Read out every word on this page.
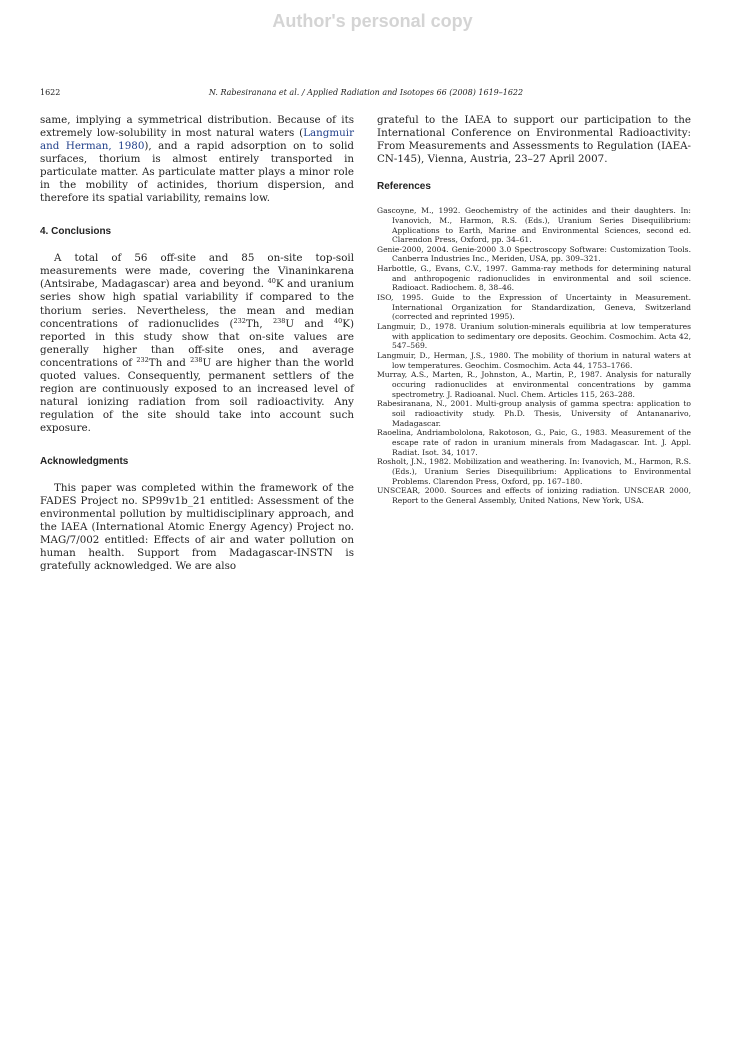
Author's personal copy
1622	N. Rabesiranana et al. / Applied Radiation and Isotopes 66 (2008) 1619–1622

same, implying a symmetrical distribution. Because of its extremely low-solubility in most natural waters (Langmuir and Herman, 1980), and a rapid adsorption on to solid surfaces, thorium is almost entirely transported in particulate matter. As particulate matter plays a minor role in the mobility of actinides, thorium dispersion, and therefore its spatial variability, remains low.

4. Conclusions

A total of 56 off-site and 85 on-site top-soil measurements were made, covering the Vinaninkarena (Antsirabe, Madagascar) area and beyond. $^{40}$K and uranium series show high spatial variability if compared to the thorium series. Nevertheless, the mean and median concentrations of radionuclides ($^{232}$Th, $^{238}$U and $^{40}$K) reported in this study show that on-site values are generally higher than off-site ones, and average concentrations of $^{232}$Th and $^{238}$U are higher than the world quoted values. Consequently, permanent settlers of the region are continuously exposed to an increased level of natural ionizing radiation from soil radioactivity. Any regulation of the site should take into account such exposure.

Acknowledgments

This paper was completed within the framework of the FADES Project no. SP99v1b_21 entitled: Assessment of the environmental pollution by multidisciplinary approach, and the IAEA (International Atomic Energy Agency) Project no. MAG/7/002 entitled: Effects of air and water pollution on human health. Support from Madagascar-INSTN is gratefully acknowledged. We are also

grateful to the IAEA to support our participation to the International Conference on Environmental Radioactivity: From Measurements and Assessments to Regulation (IAEA-CN-145), Vienna, Austria, 23–27 April 2007.

References
Gascoyne, M., 1992. Geochemistry of the actinides and their daughters. In: Ivanovich, M., Harmon, R.S. (Eds.), Uranium Series Disequilibrium: Applications to Earth, Marine and Environmental Sciences, second ed. Clarendon Press, Oxford, pp. 34–61.
Genie-2000, 2004. Genie-2000 3.0 Spectroscopy Software: Customization Tools. Canberra Industries Inc., Meriden, USA, pp. 309–321.
Harbottle, G., Evans, C.V., 1997. Gamma-ray methods for determining natural and anthropogenic radionuclides in environmental and soil science. Radioact. Radiochem. 8, 38–46.
ISO, 1995. Guide to the Expression of Uncertainty in Measurement. International Organization for Standardization, Geneva, Switzerland (corrected and reprinted 1995).
Langmuir, D., 1978. Uranium solution-minerals equilibria at low temperatures with application to sedimentary ore deposits. Geochim. Cosmochim. Acta 42, 547–569.
Langmuir, D., Herman, J.S., 1980. The mobility of thorium in natural waters at low temperatures. Geochim. Cosmochim. Acta 44, 1753–1766.
Murray, A.S., Marten, R., Johnston, A., Martin, P., 1987. Analysis for naturally occuring radionuclides at environmental concentrations by gamma spectrometry. J. Radioanal. Nucl. Chem. Articles 115, 263–288.
Rabesiranana, N., 2001. Multi-group analysis of gamma spectra: application to soil radioactivity study. Ph.D. Thesis, University of Antananarivo, Madagascar.
Raoelina, Andriambololona, Rakotoson, G., Paic, G., 1983. Measurement of the escape rate of radon in uranium minerals from Madagascar. Int. J. Appl. Radiat. Isot. 34, 1017.
Rosholt, J.N., 1982. Mobilization and weathering. In: Ivanovich, M., Harmon, R.S. (Eds.), Uranium Series Disequilibrium: Applications to Environmental Problems. Clarendon Press, Oxford, pp. 167–180.
UNSCEAR, 2000. Sources and effects of ionizing radiation. UNSCEAR 2000, Report to the General Assembly, United Nations, New York, USA.
